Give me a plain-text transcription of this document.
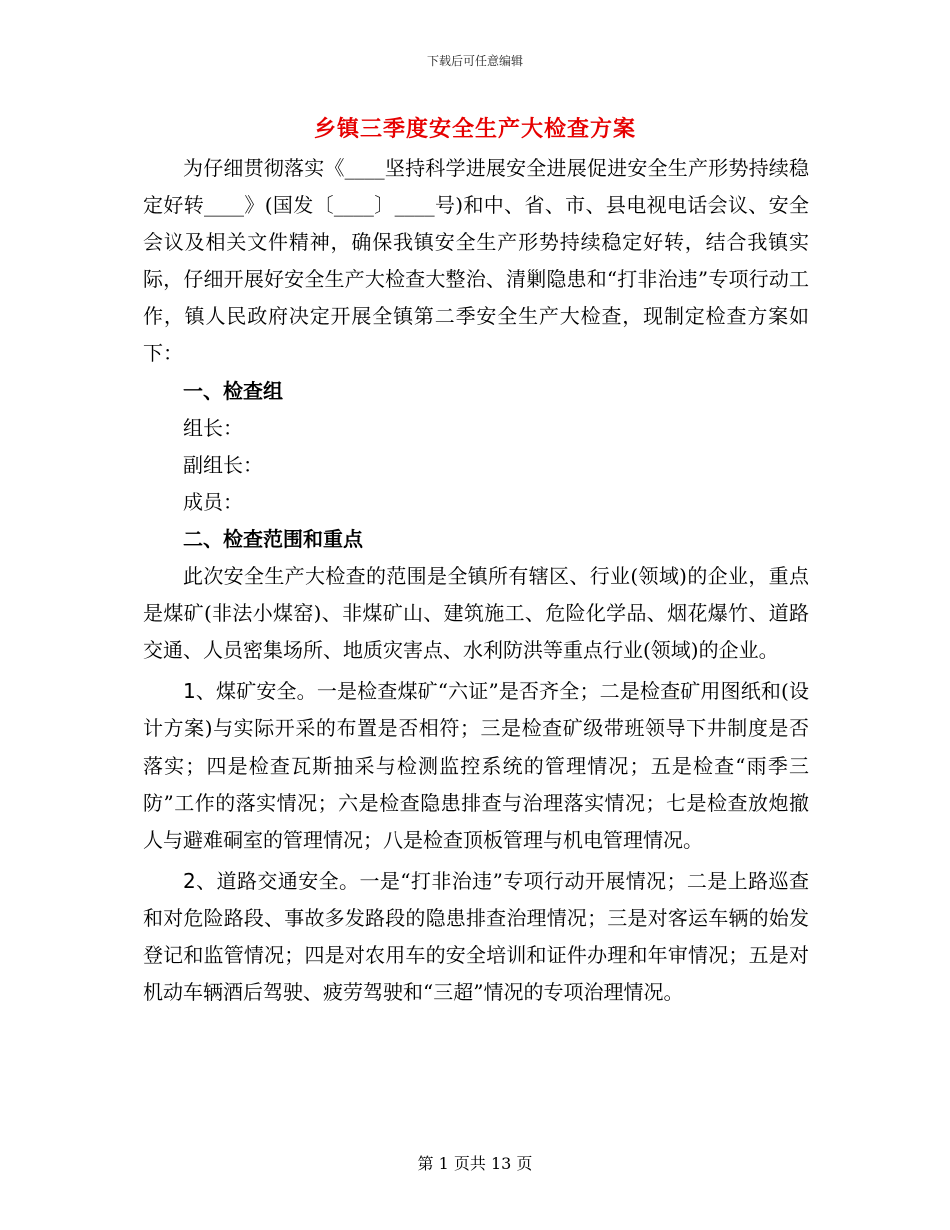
下载后可任意编辑
乡镇三季度安全生产大检查方案

为仔细贯彻落实《____坚持科学进展安全进展促进安全生产形势持续稳定好转____》(国发〔____〕____号)和中、省、市、县电视电话会议、安全会议及相关文件精神，确保我镇安全生产形势持续稳定好转，结合我镇实际，仔细开展好安全生产大检查大整治、清剿隐患和“打非治违”专项行动工作，镇人民政府决定开展全镇第二季安全生产大检查，现制定检查方案如下：

一、检查组

组长：

副组长：

成员：

二、检查范围和重点

此次安全生产大检查的范围是全镇所有辖区、行业(领域)的企业，重点是煤矿(非法小煤窑)、非煤矿山、建筑施工、危险化学品、烟花爆竹、道路交通、人员密集场所、地质灾害点、水利防洪等重点行业(领域)的企业。

1、煤矿安全。一是检查煤矿“六证”是否齐全；二是检查矿用图纸和(设计方案)与实际开采的布置是否相符；三是检查矿级带班领导下井制度是否落实；四是检查瓦斯抽采与检测监控系统的管理情况；五是检查“雨季三防”工作的落实情况；六是检查隐患排查与治理落实情况；七是检查放炮撤人与避难硐室的管理情况；八是检查顶板管理与机电管理情况。

2、道路交通安全。一是“打非治违”专项行动开展情况；二是上路巡查和对危险路段、事故多发路段的隐患排查治理情况；三是对客运车辆的始发登记和监管情况；四是对农用车的安全培训和证件办理和年审情况；五是对机动车辆酒后驾驶、疲劳驾驶和“三超”情况的专项治理情况。

第 1 页共 13 页
